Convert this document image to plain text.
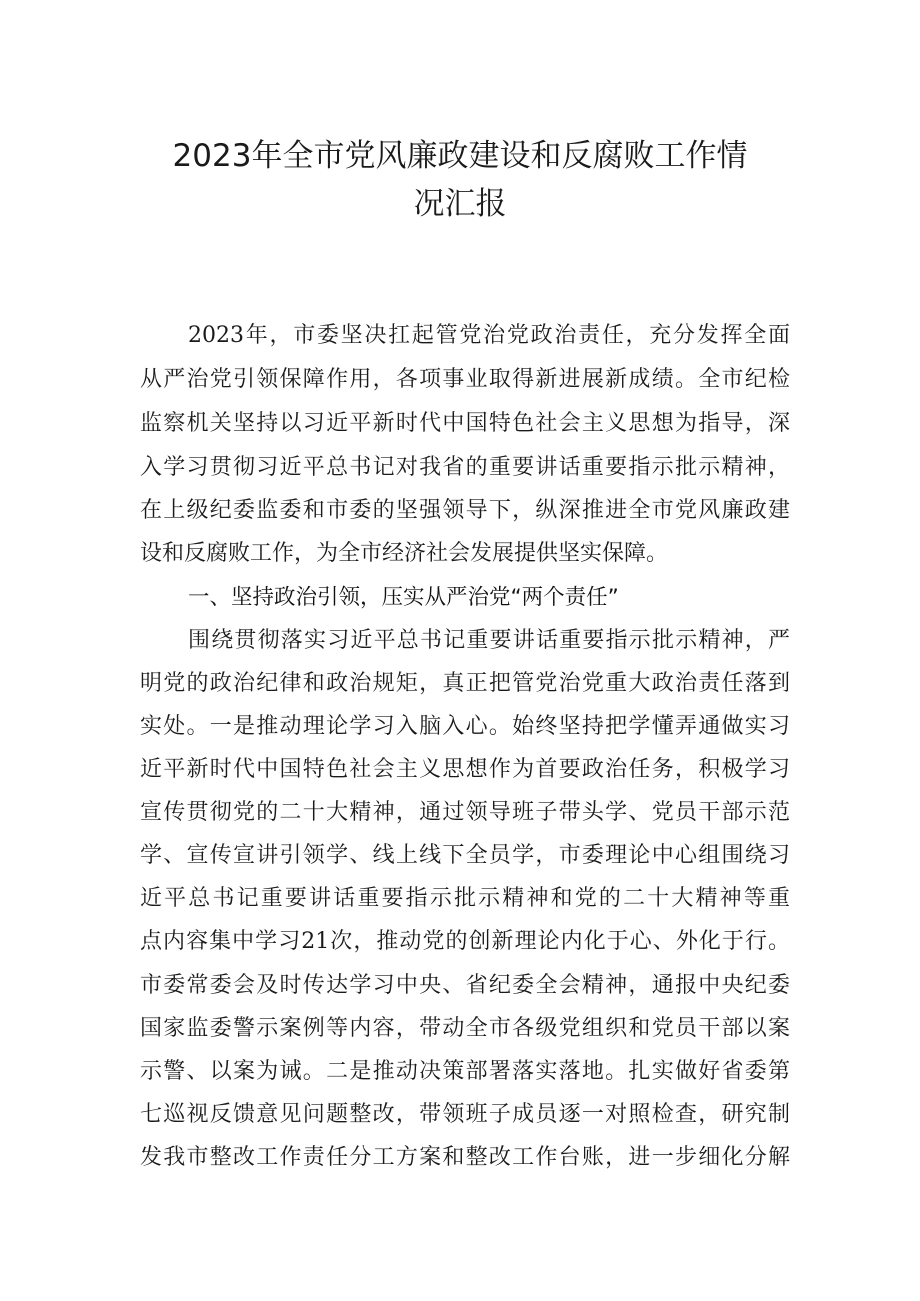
2023年全市党风廉政建设和反腐败工作情
况汇报
2023年，市委坚决扛起管党治党政治责任，充分发挥全面
从严治党引领保障作用，各项事业取得新进展新成绩。全市纪检
监察机关坚持以习近平新时代中国特色社会主义思想为指导，深
入学习贯彻习近平总书记对我省的重要讲话重要指示批示精神，
在上级纪委监委和市委的坚强领导下，纵深推进全市党风廉政建
设和反腐败工作，为全市经济社会发展提供坚实保障。
一、坚持政治引领，压实从严治党“两个责任”
围绕贯彻落实习近平总书记重要讲话重要指示批示精神，严
明党的政治纪律和政治规矩，真正把管党治党重大政治责任落到
实处。一是推动理论学习入脑入心。始终坚持把学懂弄通做实习
近平新时代中国特色社会主义思想作为首要政治任务，积极学习
宣传贯彻党的二十大精神，通过领导班子带头学、党员干部示范
学、宣传宣讲引领学、线上线下全员学，市委理论中心组围绕习
近平总书记重要讲话重要指示批示精神和党的二十大精神等重
点内容集中学习21次，推动党的创新理论内化于心、外化于行。
市委常委会及时传达学习中央、省纪委全会精神，通报中央纪委
国家监委警示案例等内容，带动全市各级党组织和党员干部以案
示警、以案为诫。二是推动决策部署落实落地。扎实做好省委第
七巡视反馈意见问题整改，带领班子成员逐一对照检查，研究制
发我市整改工作责任分工方案和整改工作台账，进一步细化分解
